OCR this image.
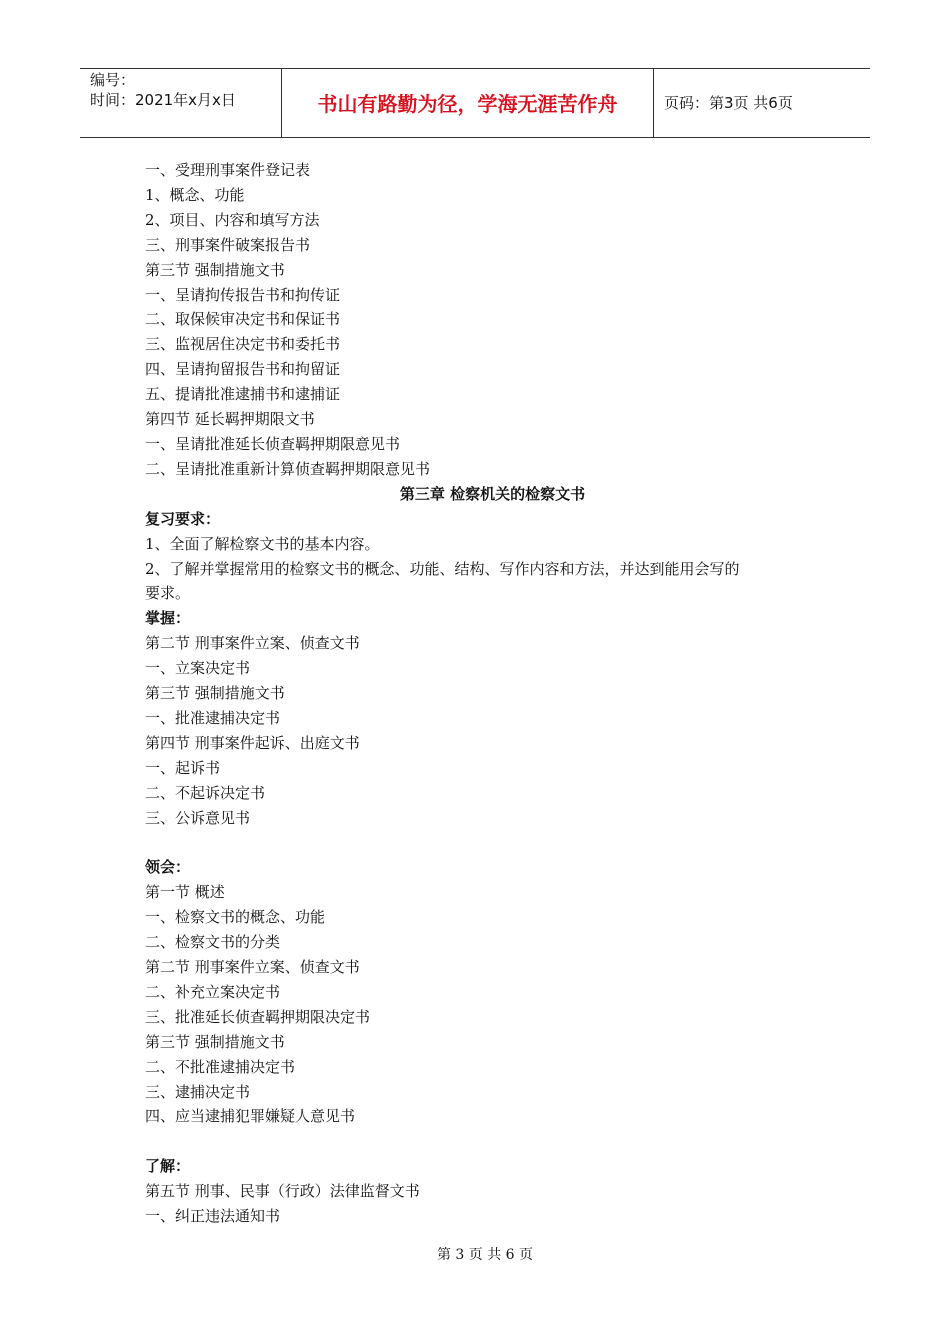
编号：
时间：2021年x月x日	书山有路勤为径，学海无涯苦作舟	页码：第3页 共6页
一、受理刑事案件登记表
1、概念、功能
2、项目、内容和填写方法
三、刑事案件破案报告书
第三节 强制措施文书
一、呈请拘传报告书和拘传证
二、取保候审决定书和保证书
三、监视居住决定书和委托书
四、呈请拘留报告书和拘留证
五、提请批准逮捕书和逮捕证
第四节 延长羁押期限文书
一、呈请批准延长侦查羁押期限意见书
二、呈请批准重新计算侦查羁押期限意见书
第三章 检察机关的检察文书
复习要求：
1、全面了解检察文书的基本内容。
2、了解并掌握常用的检察文书的概念、功能、结构、写作内容和方法，并达到能用会写的
要求。
掌握：
第二节 刑事案件立案、侦查文书
一、立案决定书
第三节 强制措施文书
一、批准逮捕决定书
第四节 刑事案件起诉、出庭文书
一、起诉书
二、不起诉决定书
三、公诉意见书
领会：
第一节 概述
一、检察文书的概念、功能
二、检察文书的分类
第二节 刑事案件立案、侦查文书
二、补充立案决定书
三、批准延长侦查羁押期限决定书
第三节 强制措施文书
二、不批准逮捕决定书
三、逮捕决定书
四、应当逮捕犯罪嫌疑人意见书
了解：
第五节 刑事、民事（行政）法律监督文书
一、纠正违法通知书
第 3 页 共 6 页
